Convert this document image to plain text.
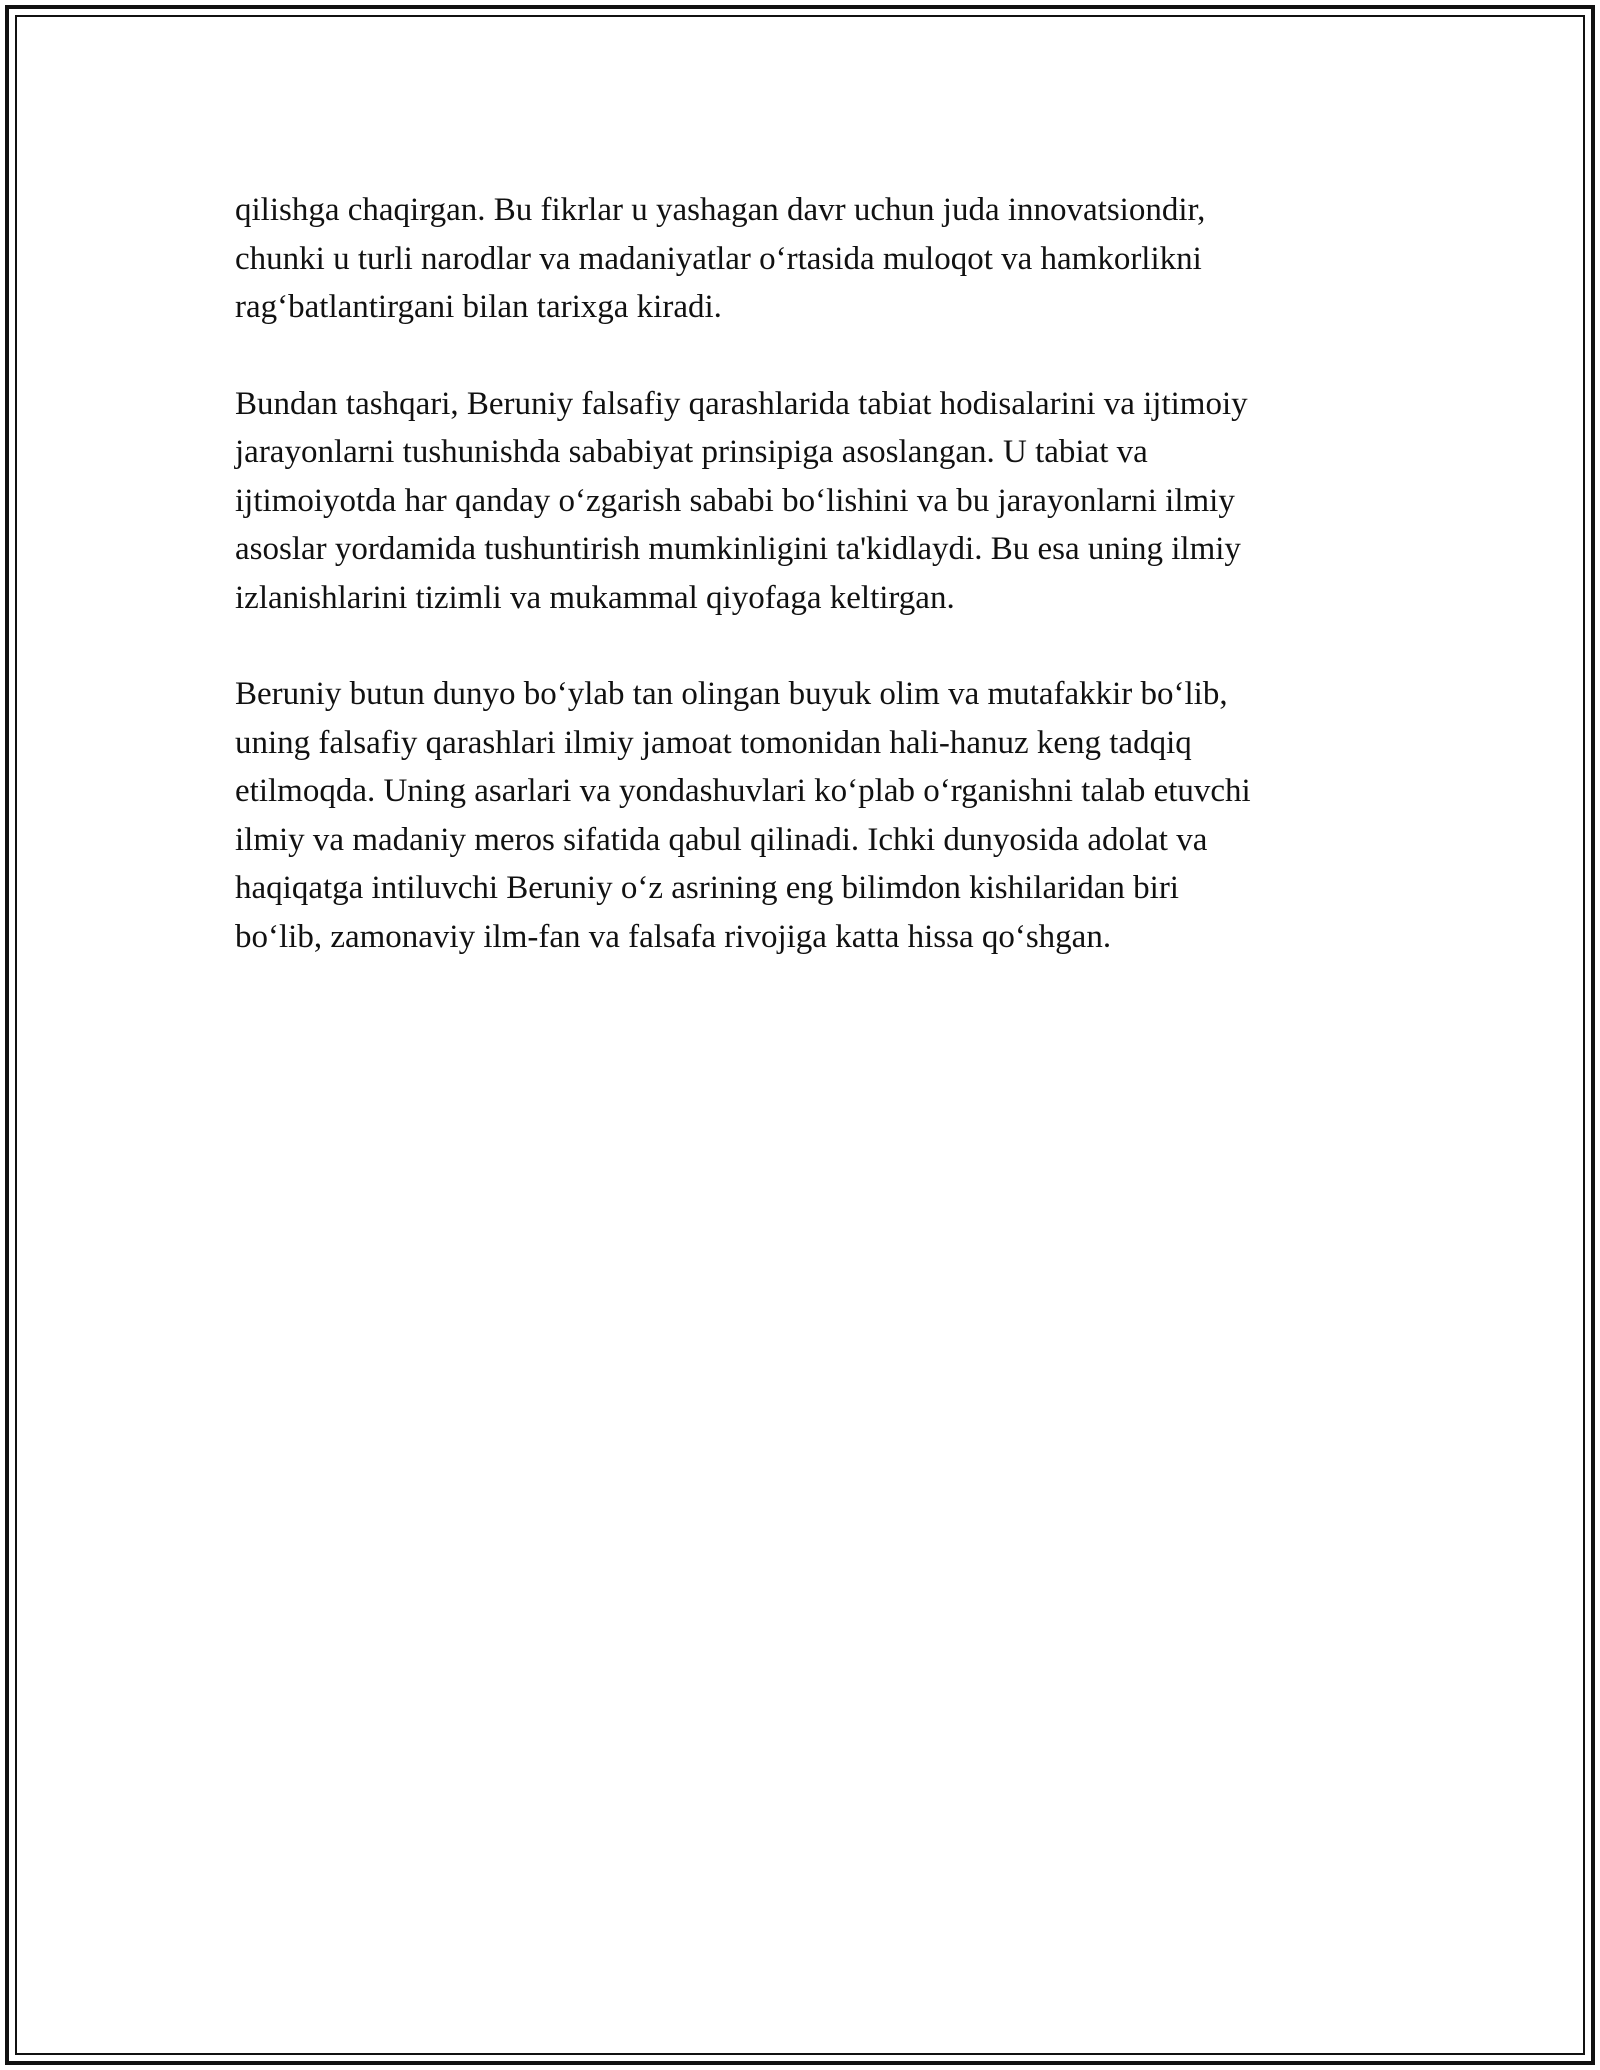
qilishga chaqirgan. Bu fikrlar u yashagan davr uchun juda innovatsiondir,
chunki u turli narodlar va madaniyatlar o‘rtasida muloqot va hamkorlikni
rag‘batlantirgani bilan tarixga kiradi.

Bundan tashqari, Beruniy falsafiy qarashlarida tabiat hodisalarini va ijtimoiy
jarayonlarni tushunishda sababiyat prinsipiga asoslangan. U tabiat va
ijtimoiyotda har qanday o‘zgarish sababi bo‘lishini va bu jarayonlarni ilmiy
asoslar yordamida tushuntirish mumkinligini ta'kidlaydi. Bu esa uning ilmiy
izlanishlarini tizimli va mukammal qiyofaga keltirgan.

Beruniy butun dunyo bo‘ylab tan olingan buyuk olim va mutafakkir bo‘lib,
uning falsafiy qarashlari ilmiy jamoat tomonidan hali-hanuz keng tadqiq
etilmoqda. Uning asarlari va yondashuvlari ko‘plab o‘rganishni talab etuvchi
ilmiy va madaniy meros sifatida qabul qilinadi. Ichki dunyosida adolat va
haqiqatga intiluvchi Beruniy o‘z asrining eng bilimdon kishilaridan biri
bo‘lib, zamonaviy ilm-fan va falsafa rivojiga katta hissa qo‘shgan.
